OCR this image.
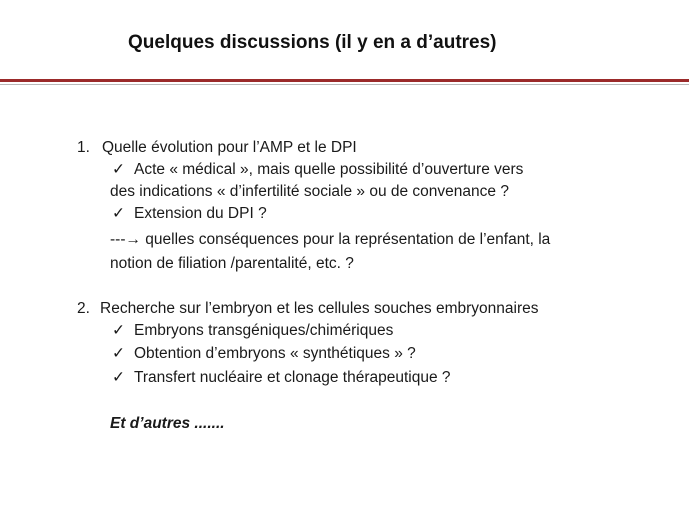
Quelques discussions (il y en a d’autres)
1. Quelle évolution pour l’AMP et le DPI
✓ Acte « médical », mais quelle possibilité d’ouverture vers
des indications « d’infertilité sociale » ou de convenance ?
✓ Extension du DPI ?
---→ quelles conséquences pour la représentation de l’enfant, la
notion de filiation /parentalité, etc. ?
2. Recherche sur l’embryon et les cellules souches embryonnaires
✓ Embryons transgéniques/chimériques
✓ Obtention d’embryons « synthétiques » ?
✓ Transfert nucléaire et clonage thérapeutique ?
Et d’autres .......
